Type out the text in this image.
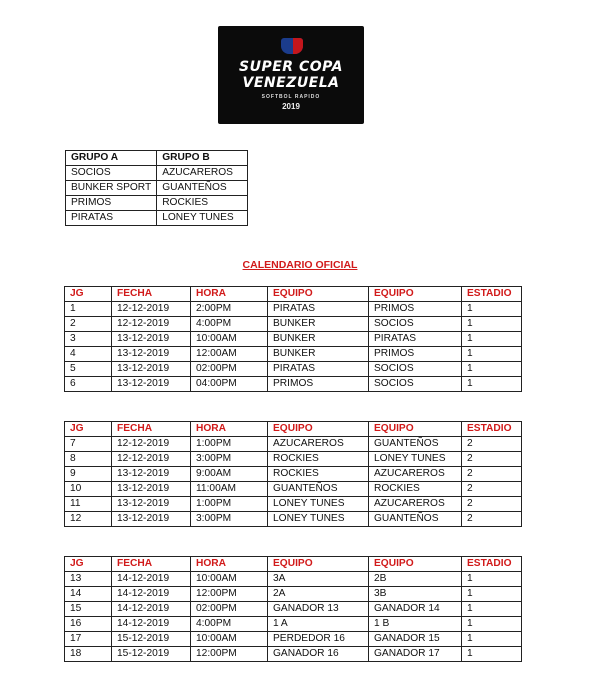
SUPER COPA
VENEZUELA
SOFTBOL RAPIDO
2019
GRUPO A	GRUPO B
SOCIOS	AZUCAREROS
BUNKER SPORT	GUANTEÑOS
PRIMOS	ROCKIES
PIRATAS	LONEY TUNES
CALENDARIO OFICIAL
JG	FECHA	HORA	EQUIPO	EQUIPO	ESTADIO
1	12-12-2019	2:00PM	PIRATAS	PRIMOS	1
2	12-12-2019	4:00PM	BUNKER	SOCIOS	1
3	13-12-2019	10:00AM	BUNKER	PIRATAS	1
4	13-12-2019	12:00AM	BUNKER	PRIMOS	1
5	13-12-2019	02:00PM	PIRATAS	SOCIOS	1
6	13-12-2019	04:00PM	PRIMOS	SOCIOS	1
JG	FECHA	HORA	EQUIPO	EQUIPO	ESTADIO
7	12-12-2019	1:00PM	AZUCAREROS	GUANTEÑOS	2
8	12-12-2019	3:00PM	ROCKIES	LONEY TUNES	2
9	13-12-2019	9:00AM	ROCKIES	AZUCAREROS	2
10	13-12-2019	11:00AM	GUANTEÑOS	ROCKIES	2
11	13-12-2019	1:00PM	LONEY TUNES	AZUCAREROS	2
12	13-12-2019	3:00PM	LONEY TUNES	GUANTEÑOS	2
JG	FECHA	HORA	EQUIPO	EQUIPO	ESTADIO
13	14-12-2019	10:00AM	3A	2B	1
14	14-12-2019	12:00PM	2A	3B	1
15	14-12-2019	02:00PM	GANADOR 13	GANADOR 14	1
16	14-12-2019	4:00PM	1 A	1 B	1
17	15-12-2019	10:00AM	PERDEDOR 16	GANADOR 15	1
18	15-12-2019	12:00PM	GANADOR 16	GANADOR 17	1
